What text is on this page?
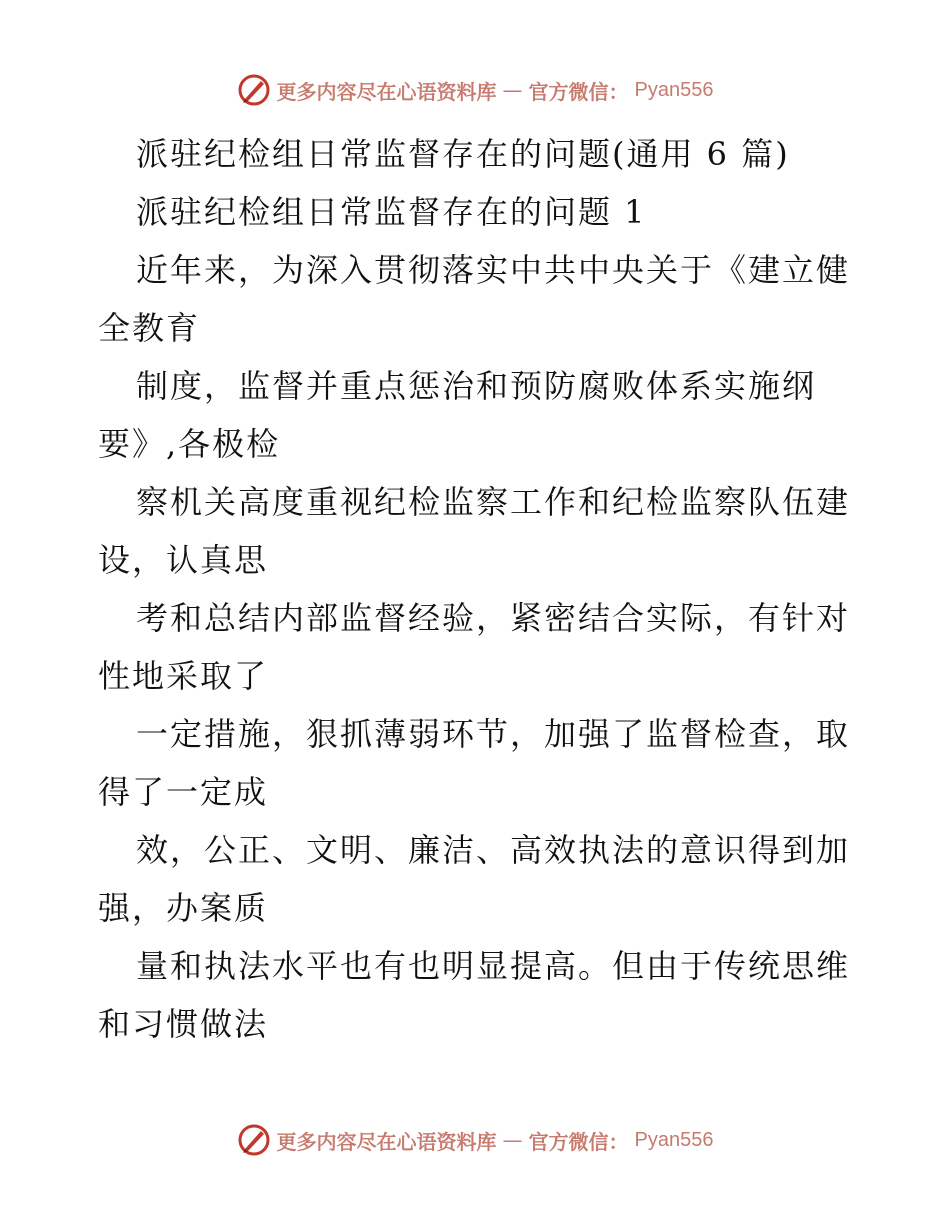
更多内容尽在心语资料库 — 官方微信： Pyan556

派驻纪检组日常监督存在的问题(通用 6 篇)

派驻纪检组日常监督存在的问题 1

近年来，为深入贯彻落实中共中央关于《建立健

全教育

制度，监督并重点惩治和预防腐败体系实施纲

要》,各极检

察机关高度重视纪检监察工作和纪检监察队伍建

设，认真思

考和总结内部监督经验，紧密结合实际，有针对

性地采取了

一定措施，狠抓薄弱环节，加强了监督检查，取

得了一定成

效，公正、文明、廉洁、高效执法的意识得到加

强，办案质

量和执法水平也有也明显提高。但由于传统思维

和习惯做法

更多内容尽在心语资料库 — 官方微信： Pyan556
